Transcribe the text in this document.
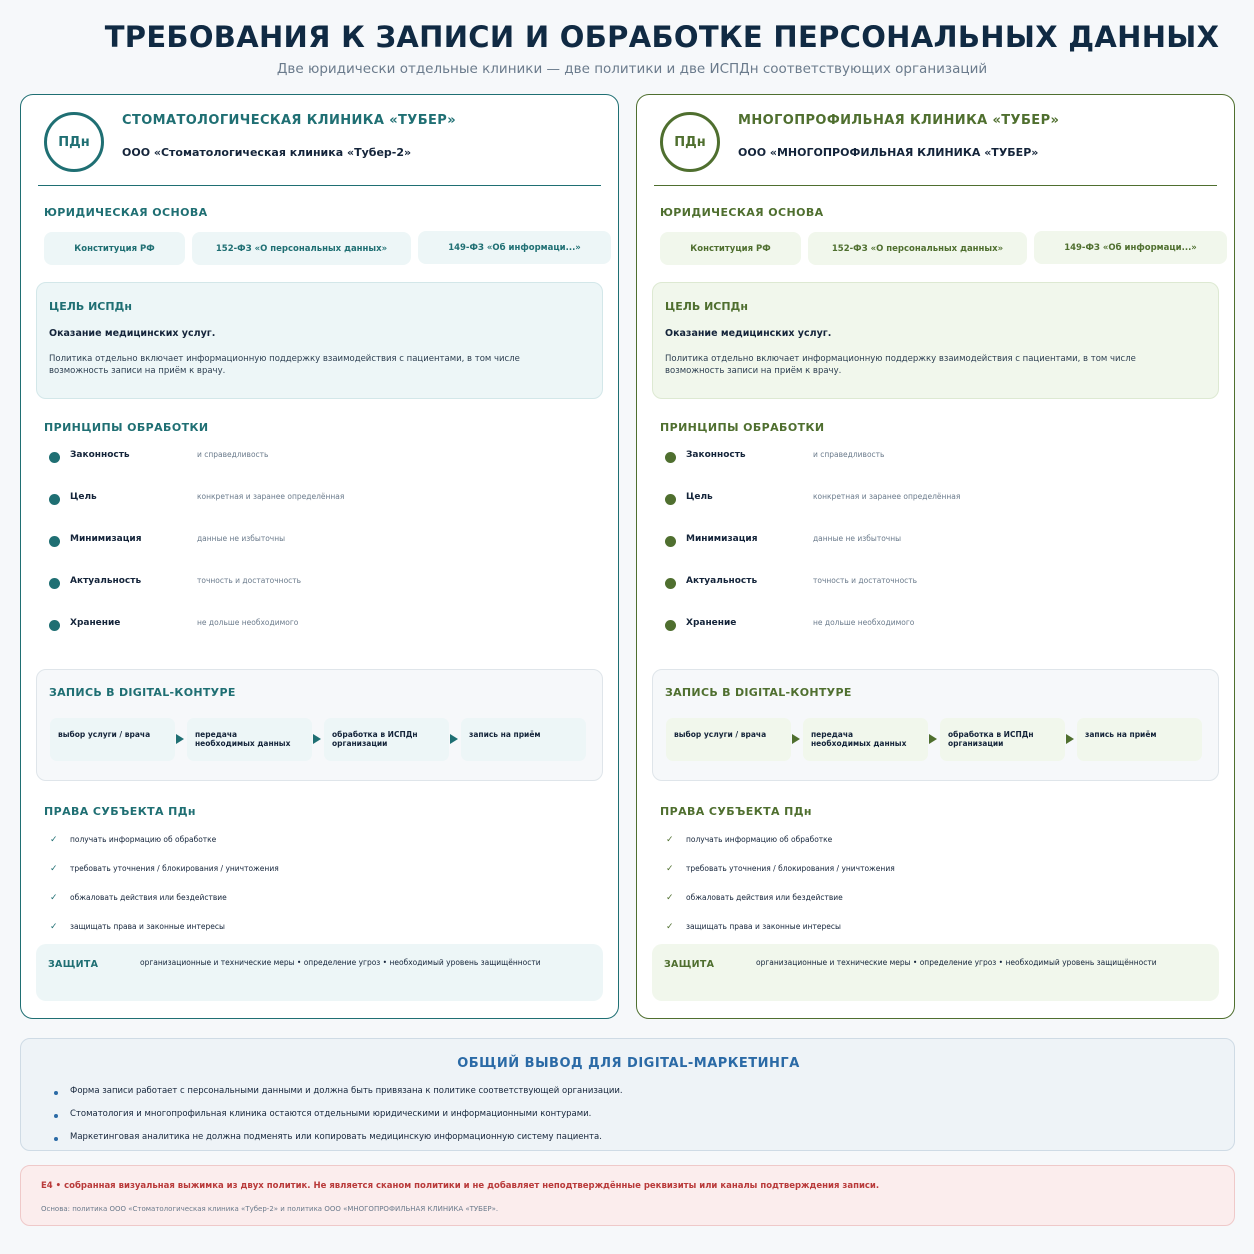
ТРЕБОВАНИЯ К ЗАПИСИ И ОБРАБОТКЕ ПЕРСОНАЛЬНЫХ ДАННЫХ
Две юридически отдельные клиники — две политики и две ИСПДн соответствующих организаций
ПДн
СТОМАТОЛОГИЧЕСКАЯ КЛИНИКА «ТУБЕР»
ООО «Стоматологическая клиника «Тубер-2»
ЮРИДИЧЕСКАЯ ОСНОВА
Конституция РФ	152-ФЗ «О персональных данных»	149-ФЗ «Об информаци...»
ЦЕЛЬ ИСПДн
Оказание медицинских услуг.
Политика отдельно включает информационную поддержку взаимодействия с пациентами, в том числе возможность записи на приём к врачу.
ПРИНЦИПЫ ОБРАБОТКИ
Законность	и справедливость
Цель	конкретная и заранее определённая
Минимизация	данные не избыточны
Актуальность	точность и достаточность
Хранение	не дольше необходимого
ЗАПИСЬ В DIGITAL-КОНТУРЕ
выбор услуги / врача	передача
необходимых данных
обработка в ИСПДн
организации
запись на приём
ПРАВА СУБЪЕКТА ПДн
✓ получать информацию об обработке
✓ требовать уточнения / блокирования / уничтожения
✓ обжаловать действия или бездействие
✓ защищать права и законные интересы
ЗАЩИТА	организационные и технические меры • определение угроз • необходимый уровень защищённости
ПДн
МНОГОПРОФИЛЬНАЯ КЛИНИКА «ТУБЕР»
ООО «МНОГОПРОФИЛЬНАЯ КЛИНИКА «ТУБЕР»
ЮРИДИЧЕСКАЯ ОСНОВА
Конституция РФ	152-ФЗ «О персональных данных»	149-ФЗ «Об информаци...»
ЦЕЛЬ ИСПДн
Оказание медицинских услуг.
Политика отдельно включает информационную поддержку взаимодействия с пациентами, в том числе возможность записи на приём к врачу.
ПРИНЦИПЫ ОБРАБОТКИ
Законность	и справедливость
Цель	конкретная и заранее определённая
Минимизация	данные не избыточны
Актуальность	точность и достаточность
Хранение	не дольше необходимого
ЗАПИСЬ В DIGITAL-КОНТУРЕ
выбор услуги / врача	передача
необходимых данных
обработка в ИСПДн
организации
запись на приём
ПРАВА СУБЪЕКТА ПДн
✓ получать информацию об обработке
✓ требовать уточнения / блокирования / уничтожения
✓ обжаловать действия или бездействие
✓ защищать права и законные интересы
ЗАЩИТА	организационные и технические меры • определение угроз • необходимый уровень защищённости
ОБЩИЙ ВЫВОД ДЛЯ DIGITAL-МАРКЕТИНГА
Форма записи работает с персональными данными и должна быть привязана к политике соответствующей организации.
Стоматология и многопрофильная клиника остаются отдельными юридическими и информационными контурами.
Маркетинговая аналитика не должна подменять или копировать медицинскую информационную систему пациента.
E4 • собранная визуальная выжимка из двух политик. Не является сканом политики и не добавляет неподтверждённые реквизиты или каналы подтверждения записи.
Основа: политика ООО «Стоматологическая клиника «Тубер-2» и политика ООО «МНОГОПРОФИЛЬНАЯ КЛИНИКА «ТУБЕР».
